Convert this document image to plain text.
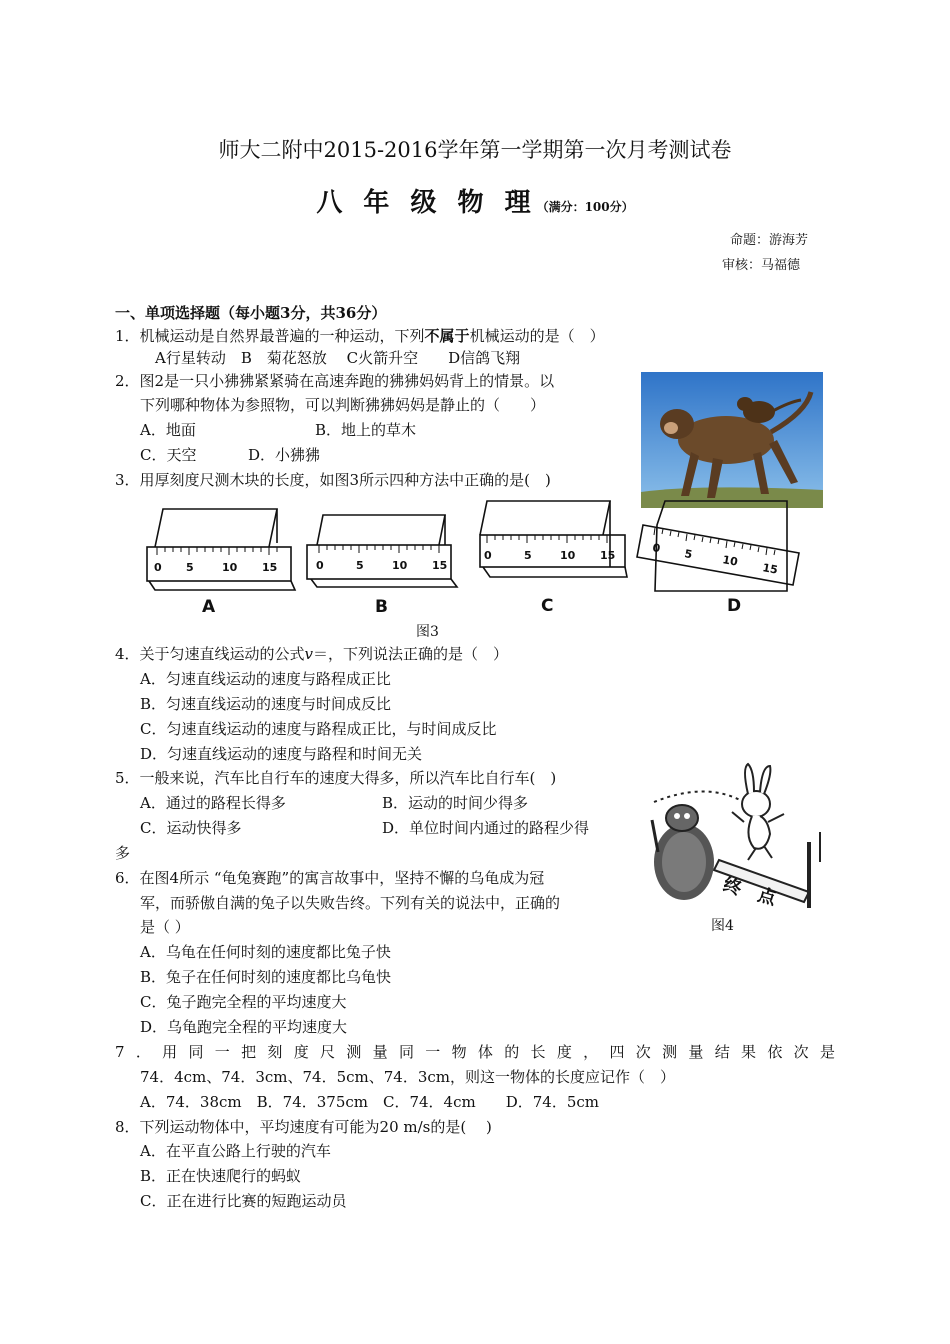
师大二附中2015-2016学年第一学期第一次月考测试卷
八 年 级 物 理（满分：100分）
命题：游海芳
审核：马福德
一、单项选择题（每小题3分，共36分）
1．机械运动是自然界最普遍的一种运动，下列不属于机械运动的是（　）
A行星转动　B　菊花怒放　 C火箭升空　　D信鸽飞翔
2．图2是一只小狒狒紧紧骑在高速奔跑的狒狒妈妈背上的情景。以
下列哪种物体为参照物，可以判断狒狒妈妈是静止的（　　）
A．地面	B．地上的草木
C．天空	D．小狒狒
3．用厚刻度尺测木块的长度，如图3所示四种方法中正确的是(　)
0 5	10 15	0	5	10 15
0	5	10 15
0 5	10
15
A	B	C	D
图3
4．关于匀速直线运动的公式v＝，下列说法正确的是（　）
A．匀速直线运动的速度与路程成正比
B．匀速直线运动的速度与时间成反比
C．匀速直线运动的速度与路程成正比，与时间成反比
D．匀速直线运动的速度与路程和时间无关
5．一般来说，汽车比自行车的速度大得多，所以汽车比自行车(　)
A．通过的路程长得多	B．运动的时间少得多
C．运动快得多	D．单位时间内通过的路程少得
多
6．在图4所示 “龟兔赛跑”的寓言故事中，坚持不懈的乌龟成为冠
军，而骄傲自满的兔子以失败告终。下列有关的说法中，正确的
是（ ）
A．乌龟在任何时刻的速度都比兔子快
B．兔子在任何时刻的速度都比乌龟快
C．兔子跑完全程的平均速度大
D．乌龟跑完全程的平均速度大
终　点
图4
7 ． 用 同 一 把 刻 度 尺 测 量 同 一 物 体 的 长 度 ， 四 次 测 量 结 果 依 次 是
74．4cm、74．3cm、74．5cm、74．3cm，则这一物体的长度应记作（　）
A．74．38cm　B．74．375cm　C．74．4cm　　D．74．5cm
8．下列运动物体中，平均速度有可能为20 m/s的是(　 )
A．在平直公路上行驶的汽车
B．正在快速爬行的蚂蚁
C．正在进行比赛的短跑运动员
